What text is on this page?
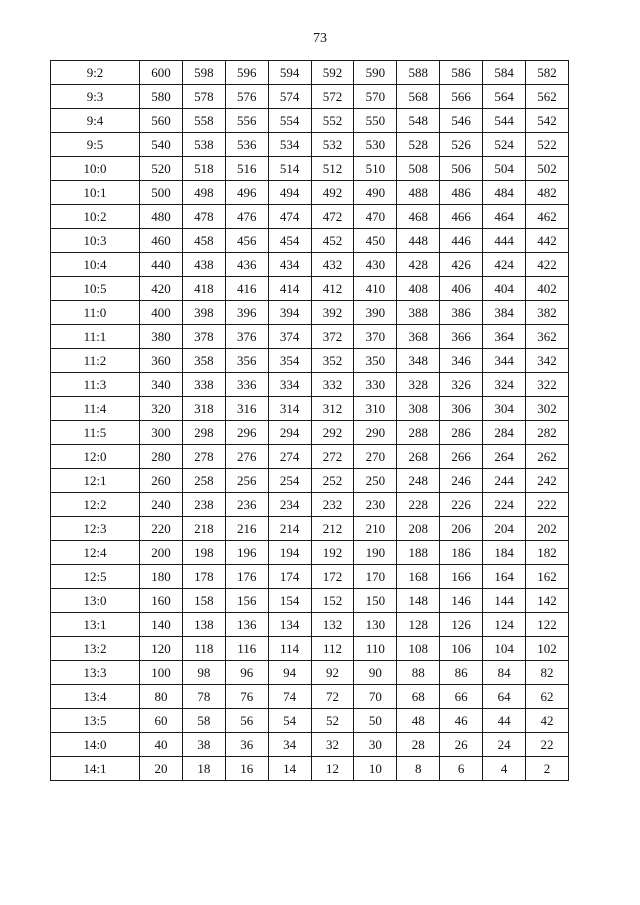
73
9:2	600	598	596	594	592	590	588	586	584	582
9:3	580	578	576	574	572	570	568	566	564	562
9:4	560	558	556	554	552	550	548	546	544	542
9:5	540	538	536	534	532	530	528	526	524	522
10:0	520	518	516	514	512	510	508	506	504	502
10:1	500	498	496	494	492	490	488	486	484	482
10:2	480	478	476	474	472	470	468	466	464	462
10:3	460	458	456	454	452	450	448	446	444	442
10:4	440	438	436	434	432	430	428	426	424	422
10:5	420	418	416	414	412	410	408	406	404	402
11:0	400	398	396	394	392	390	388	386	384	382
11:1	380	378	376	374	372	370	368	366	364	362
11:2	360	358	356	354	352	350	348	346	344	342
11:3	340	338	336	334	332	330	328	326	324	322
11:4	320	318	316	314	312	310	308	306	304	302
11:5	300	298	296	294	292	290	288	286	284	282
12:0	280	278	276	274	272	270	268	266	264	262
12:1	260	258	256	254	252	250	248	246	244	242
12:2	240	238	236	234	232	230	228	226	224	222
12:3	220	218	216	214	212	210	208	206	204	202
12:4	200	198	196	194	192	190	188	186	184	182
12:5	180	178	176	174	172	170	168	166	164	162
13:0	160	158	156	154	152	150	148	146	144	142
13:1	140	138	136	134	132	130	128	126	124	122
13:2	120	118	116	114	112	110	108	106	104	102
13:3	100	98	96	94	92	90	88	86	84	82
13:4	80	78	76	74	72	70	68	66	64	62
13:5	60	58	56	54	52	50	48	46	44	42
14:0	40	38	36	34	32	30	28	26	24	22
14:1	20	18	16	14	12	10	8	6	4	2
